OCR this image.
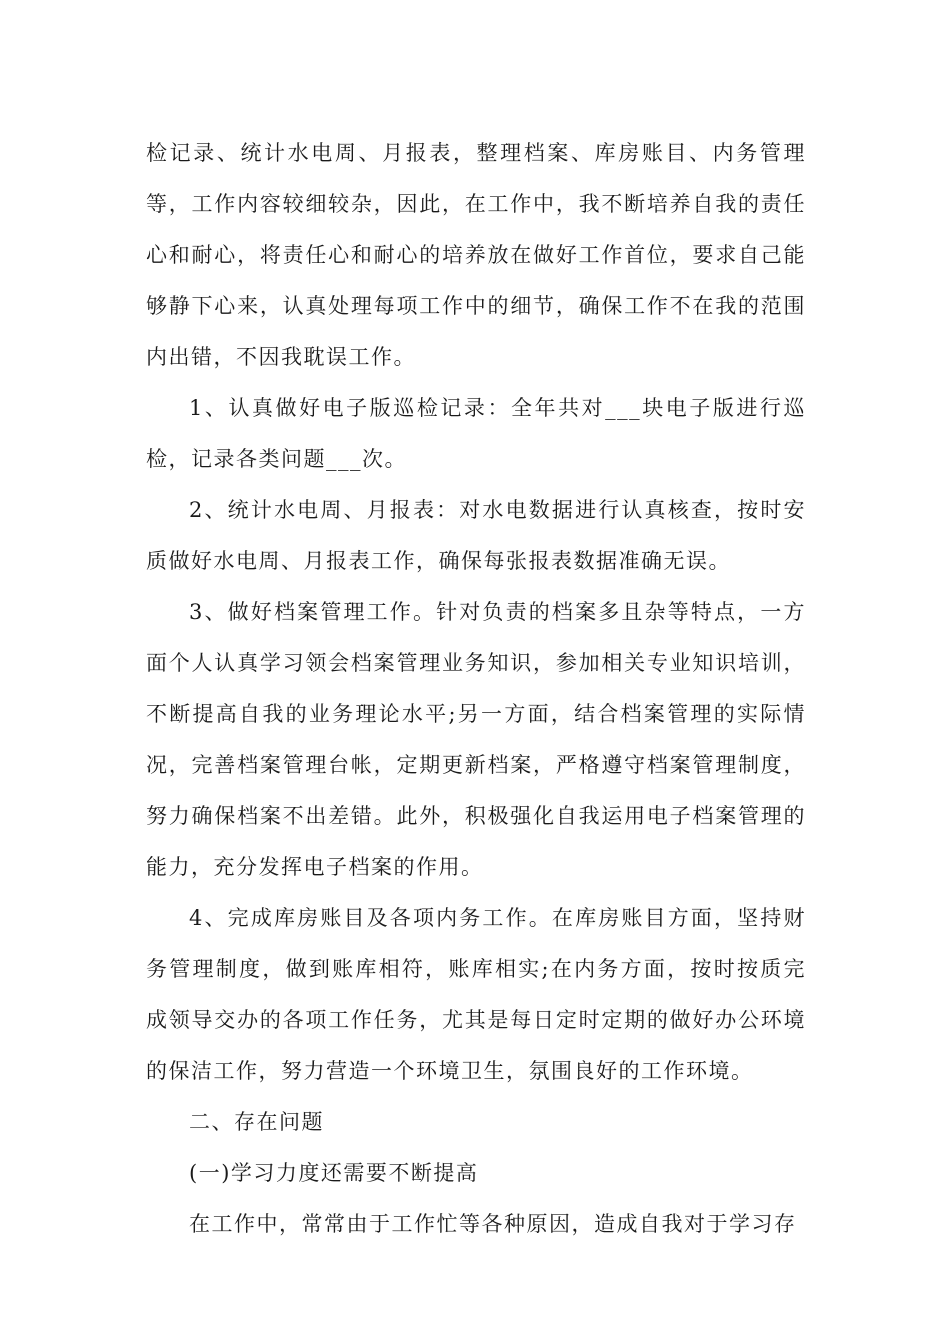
检记录、统计水电周、月报表，整理档案、库房账目、内务管理等，工作内容较细较杂，因此，在工作中，我不断培养自我的责任心和耐心，将责任心和耐心的培养放在做好工作首位，要求自己能够静下心来，认真处理每项工作中的细节，确保工作不在我的范围内出错，不因我耽误工作。

1、认真做好电子版巡检记录：全年共对___块电子版进行巡检，记录各类问题___次。

2、统计水电周、月报表：对水电数据进行认真核查，按时安质做好水电周、月报表工作，确保每张报表数据准确无误。

3、做好档案管理工作。针对负责的档案多且杂等特点，一方面个人认真学习领会档案管理业务知识，参加相关专业知识培训，不断提高自我的业务理论水平;另一方面，结合档案管理的实际情况，完善档案管理台帐，定期更新档案，严格遵守档案管理制度，努力确保档案不出差错。此外，积极强化自我运用电子档案管理的能力，充分发挥电子档案的作用。

4、完成库房账目及各项内务工作。在库房账目方面，坚持财务管理制度，做到账库相符，账库相实;在内务方面，按时按质完成领导交办的各项工作任务，尤其是每日定时定期的做好办公环境的保洁工作，努力营造一个环境卫生，氛围良好的工作环境。

二、存在问题

(一)学习力度还需要不断提高

在工作中，常常由于工作忙等各种原因，造成自我对于学习存
